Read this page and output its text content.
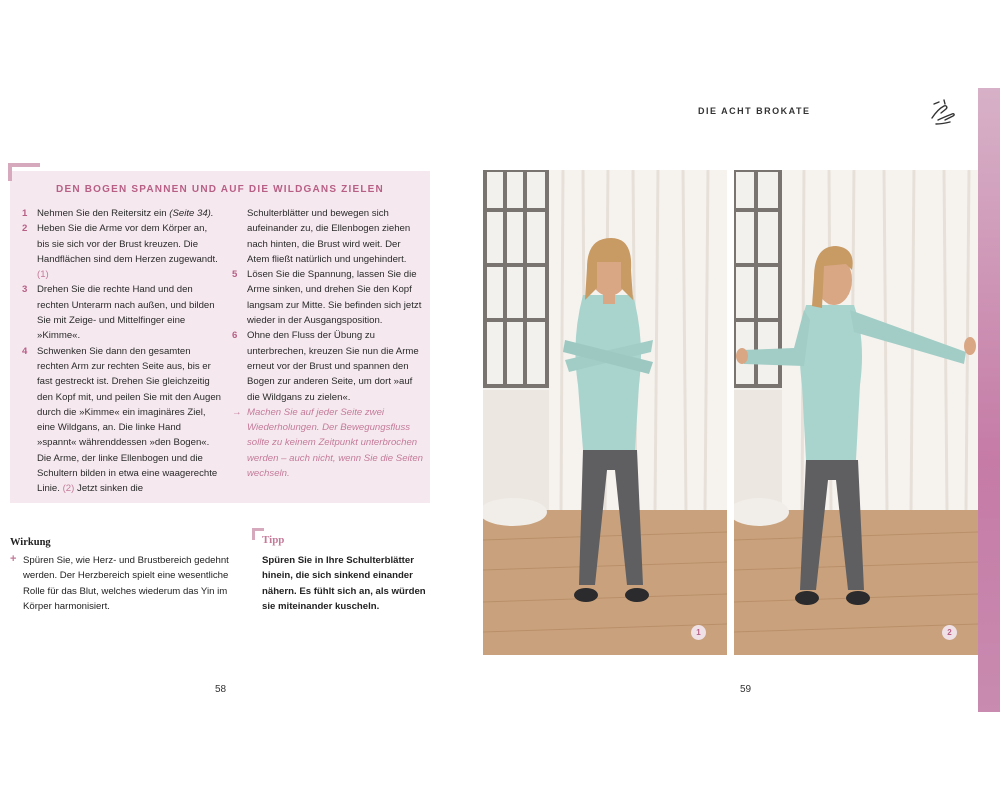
DEN BOGEN SPANNEN UND AUF DIE WILDGANS ZIELEN
1 Nehmen Sie den Reitersitz ein (Seite 34).
2 Heben Sie die Arme vor dem Körper an, bis sie sich vor der Brust kreuzen. Die Handflächen sind dem Herzen zugewandt. (1)
3 Drehen Sie die rechte Hand und den rechten Unterarm nach außen, und bilden Sie mit Zeige- und Mittelfinger eine »Kimme«.
4 Schwenken Sie dann den gesamten rechten Arm zur rechten Seite aus, bis er fast gestreckt ist. Drehen Sie gleichzeitig den Kopf mit, und peilen Sie mit den Augen durch die »Kimme« ein imaginäres Ziel, eine Wildgans, an. Die linke Hand »spannt« währenddessen »den Bogen«. Die Arme, der linke Ellenbogen und die Schultern bilden in etwa eine waagerechte Linie. (2) Jetzt sinken die
Schulterblätter und bewegen sich aufeinander zu, die Ellenbogen ziehen nach hinten, die Brust wird weit. Der Atem fließt natürlich und ungehindert.
5 Lösen Sie die Spannung, lassen Sie die Arme sinken, und drehen Sie den Kopf langsam zur Mitte. Sie befinden sich jetzt wieder in der Ausgangsposition.
6 Ohne den Fluss der Übung zu unterbrechen, kreuzen Sie nun die Arme erneut vor der Brust und spannen den Bogen zur anderen Seite, um dort »auf die Wildgans zu zielen«.
→ Machen Sie auf jeder Seite zwei Wiederholungen. Der Bewegungsfluss sollte zu keinem Zeitpunkt unterbrochen werden – auch nicht, wenn Sie die Seiten wechseln.
Wirkung
+ Spüren Sie, wie Herz- und Brustbereich gedehnt werden. Der Herzbereich spielt eine wesentliche Rolle für das Blut, welches wiederum das Yin im Körper harmonisiert.
Tipp
Spüren Sie in Ihre Schulterblätter hinein, die sich sinkend einander nähern. Es fühlt sich an, als würden sie miteinander kuscheln.
58	59
DIE ACHT BROKATE
1	2
